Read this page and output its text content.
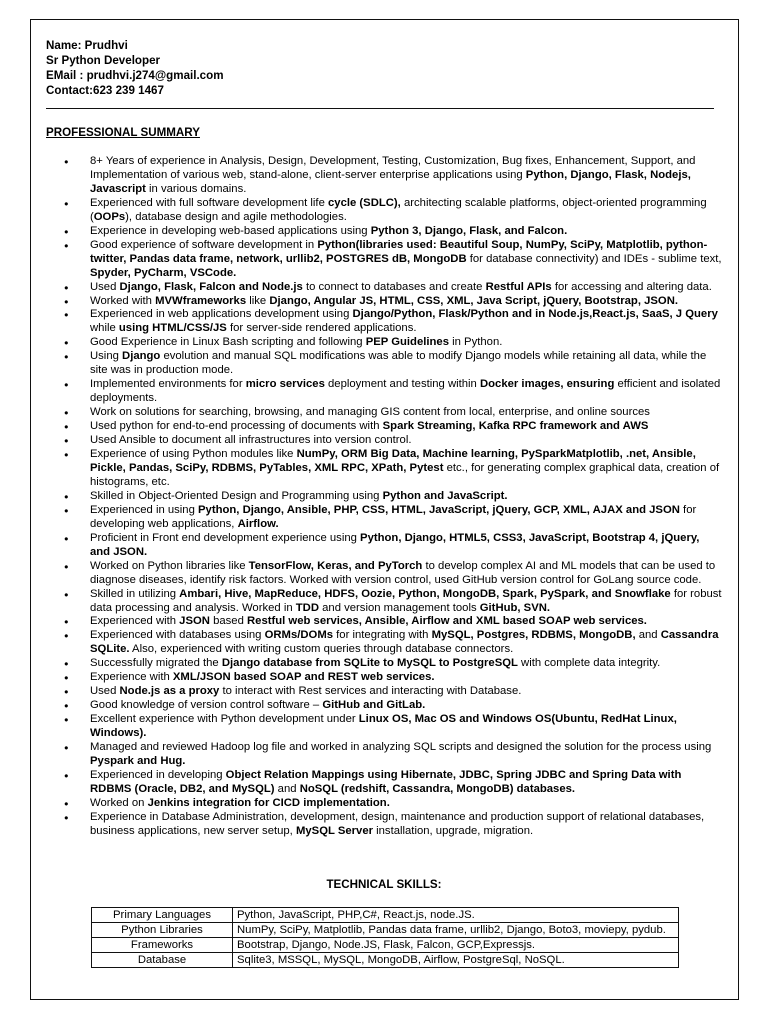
Name: Prudhvi
Sr Python Developer
EMail : prudhvi.j274@gmail.com
Contact:623 239 1467
PROFESSIONAL SUMMARY
● 8+ Years of experience in Analysis, Design, Development, Testing, Customization, Bug fixes, Enhancement, Support, and Implementation of various web, stand-alone, client-server enterprise applications using Python, Django, Flask, Nodejs, Javascript in various domains.
● Experienced with full software development life cycle (SDLC), architecting scalable platforms, object-oriented programming (OOPs), database design and agile methodologies.
● Experience in developing web-based applications using Python 3, Django, Flask, and Falcon.
● Good experience of software development in Python(libraries used: Beautiful Soup, NumPy, SciPy, Matplotlib, python-twitter, Pandas data frame, network, urllib2, POSTGRES dB, MongoDB for database connectivity) and IDEs - sublime text, Spyder, PyCharm, VSCode.
● Used Django, Flask, Falcon and Node.js to connect to databases and create Restful APIs for accessing and altering data.
● Worked with MVWframeworks like Django, Angular JS, HTML, CSS, XML, Java Script, jQuery, Bootstrap, JSON.
● Experienced in web applications development using Django/Python, Flask/Python and in Node.js,React.js, SaaS, J Query while using HTML/CSS/JS for server-side rendered applications.
● Good Experience in Linux Bash scripting and following PEP Guidelines in Python.
● Using Django evolution and manual SQL modifications was able to modify Django models while retaining all data, while the site was in production mode.
● Implemented environments for micro services deployment and testing within Docker images, ensuring efficient and isolated deployments.
● Work on solutions for searching, browsing, and managing GIS content from local, enterprise, and online sources
● Used python for end-to-end processing of documents with Spark Streaming, Kafka RPC framework and AWS
● Used Ansible to document all infrastructures into version control.
● Experience of using Python modules like NumPy, ORM Big Data, Machine learning, PySparkMatplotlib, .net, Ansible, Pickle, Pandas, SciPy, RDBMS, PyTables, XML RPC, XPath, Pytest etc., for generating complex graphical data, creation of histograms, etc.
● Skilled in Object-Oriented Design and Programming using Python and JavaScript.
● Experienced in using Python, Django, Ansible, PHP, CSS, HTML, JavaScript, jQuery, GCP, XML, AJAX and JSON for developing web applications, Airflow.
● Proficient in Front end development experience using Python, Django, HTML5, CSS3, JavaScript, Bootstrap 4, jQuery, and JSON.
● Worked on Python libraries like TensorFlow, Keras, and PyTorch to develop complex AI and ML models that can be used to diagnose diseases, identify risk factors. Worked with version control, used GitHub version control for GoLang source code.
● Skilled in utilizing Ambari, Hive, MapReduce, HDFS, Oozie, Python, MongoDB, Spark, PySpark, and Snowflake for robust data processing and analysis. Worked in TDD and version management tools GitHub, SVN.
● Experienced with JSON based Restful web services, Ansible, Airflow and XML based SOAP web services.
● Experienced with databases using ORMs/DOMs for integrating with MySQL, Postgres, RDBMS, MongoDB, and Cassandra SQLite. Also, experienced with writing custom queries through database connectors.
● Successfully migrated the Django database from SQLite to MySQL to PostgreSQL with complete data integrity.
● Experience with XML/JSON based SOAP and REST web services.
● Used Node.js as a proxy to interact with Rest services and interacting with Database.
● Good knowledge of version control software – GitHub and GitLab.
● Excellent experience with Python development under Linux OS, Mac OS and Windows OS(Ubuntu, RedHat Linux, Windows).
● Managed and reviewed Hadoop log file and worked in analyzing SQL scripts and designed the solution for the process using Pyspark and Hug.
● Experienced in developing Object Relation Mappings using Hibernate, JDBC, Spring JDBC and Spring Data with RDBMS (Oracle, DB2, and MySQL) and NoSQL (redshift, Cassandra, MongoDB) databases.
● Worked on Jenkins integration for CICD implementation.
● Experience in Database Administration, development, design, maintenance and production support of relational databases, business applications, new server setup, MySQL Server installation, upgrade, migration.
TECHNICAL SKILLS:
Primary Languages	Python, JavaScript, PHP,C#, React.js, node.JS.
Python Libraries	NumPy, SciPy, Matplotlib, Pandas data frame, urllib2, Django, Boto3, moviepy, pydub.
Frameworks	Bootstrap, Django, Node.JS, Flask, Falcon, GCP,Expressjs.
Database	Sqlite3, MSSQL, MySQL, MongoDB, Airflow, PostgreSql, NoSQL.
